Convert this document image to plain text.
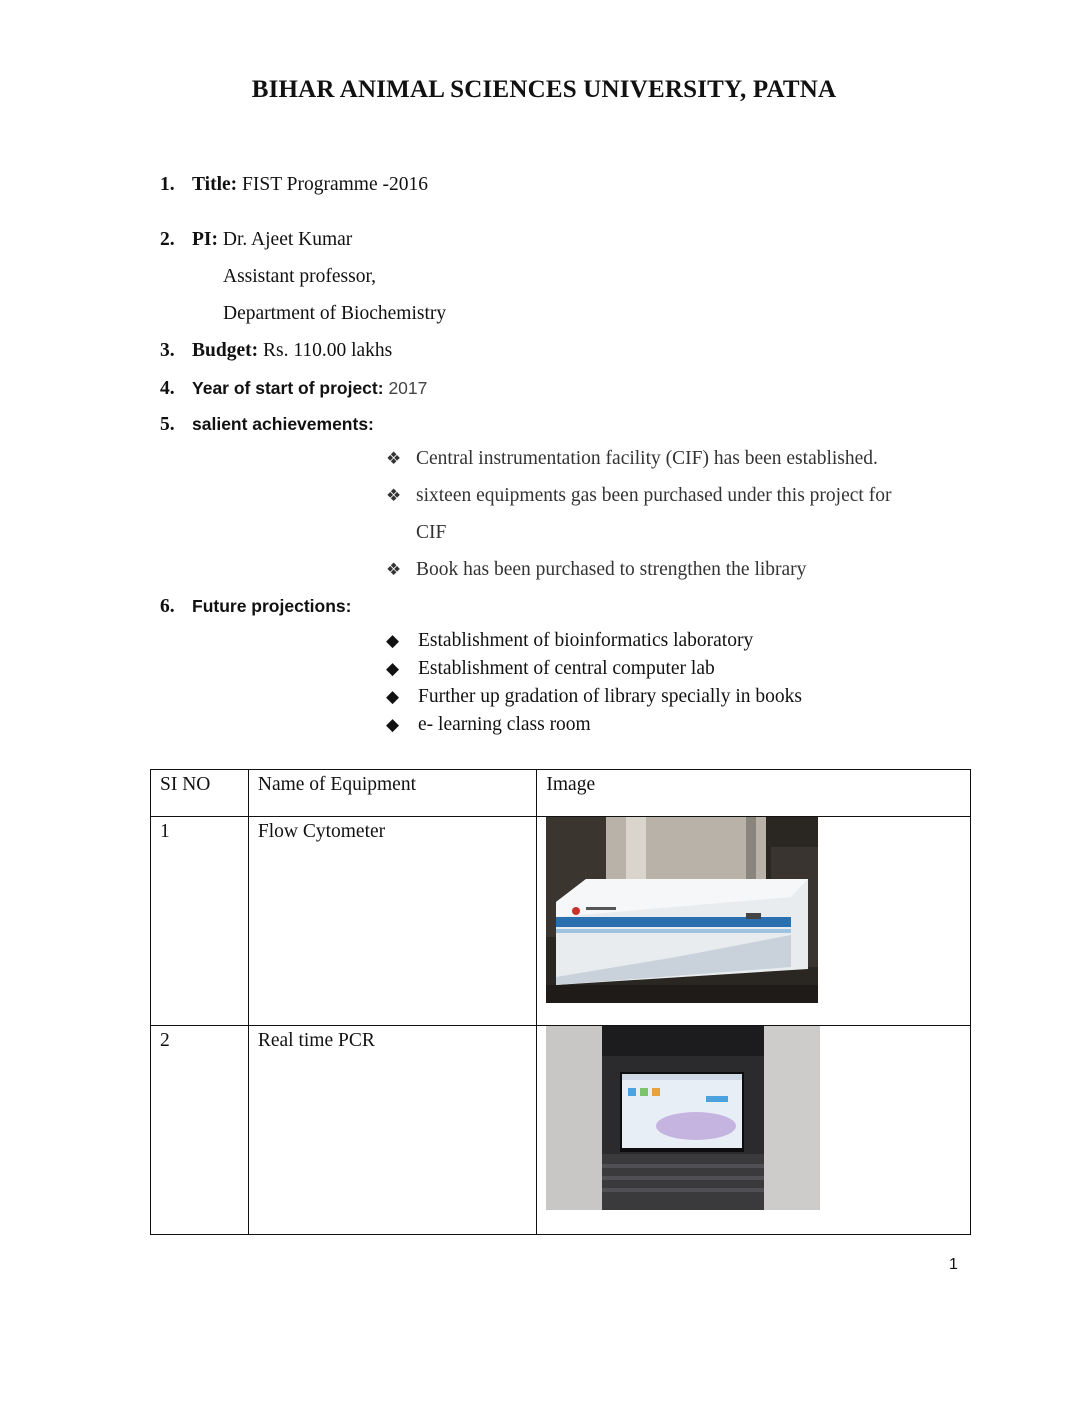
BIHAR ANIMAL SCIENCES UNIVERSITY, PATNA
1. Title: FIST Programme -2016
2. PI: Dr. Ajeet Kumar
Assistant professor,
Department of Biochemistry
3. Budget: Rs. 110.00 lakhs
4. Year of start of project: 2017
5. salient achievements:
❖ Central instrumentation facility (CIF) has been established.
❖ sixteen equipments gas been purchased under this project for
CIF
❖ Book has been purchased to strengthen the library
6. Future projections:
◆ Establishment of bioinformatics laboratory
◆ Establishment of central computer lab
◆ Further up gradation of library specially in books
◆ e- learning class room
SI NO	Name of Equipment	Image
1	Flow Cytometer	

2	Real time PCR	
1
